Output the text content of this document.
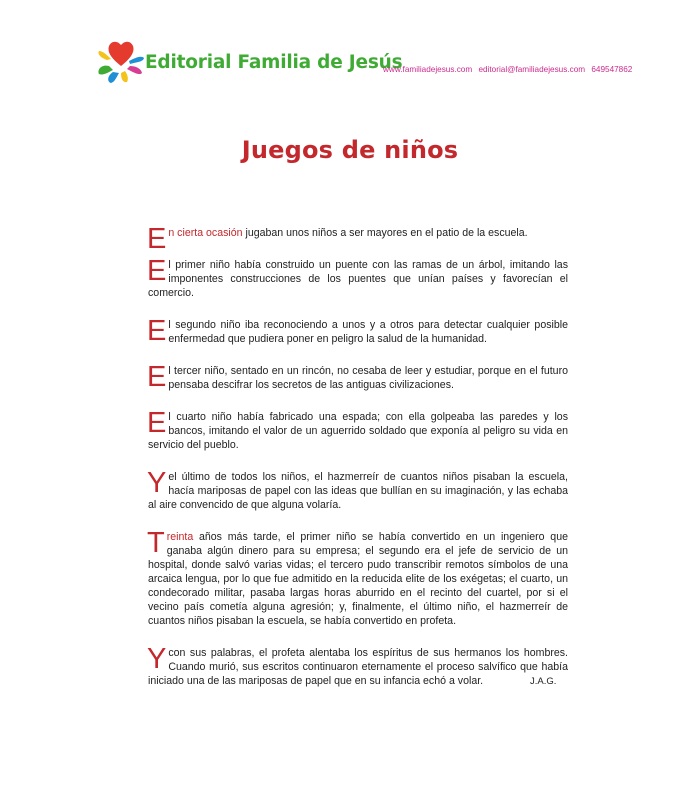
Editorial Familia de Jesús
www.familiadejesus.com editorial@familiadejesus.com 649547862
Juegos de niños

En cierta ocasión jugaban unos niños a ser mayores en el patio de la escuela.

El primer niño había construido un puente con las ramas de un árbol, imitando las imponentes construcciones de los puentes que unían países y favorecían el comercio.

El segundo niño iba reconociendo a unos y a otros para detectar cualquier posible enfermedad que pudiera poner en peligro la salud de la humanidad.

El tercer niño, sentado en un rincón, no cesaba de leer y estudiar, porque en el futuro pensaba descifrar los secretos de las antiguas civilizaciones.

El cuarto niño había fabricado una espada; con ella golpeaba las paredes y los bancos, imitando el valor de un aguerrido soldado que exponía al peligro su vida en servicio del pueblo.

Y el último de todos los niños, el hazmerreír de cuantos niños pisaban la escuela, hacía mariposas de papel con las ideas que bullían en su imaginación, y las echaba al aire convencido de que alguna volaría.

Treinta años más tarde, el primer niño se había convertido en un ingeniero que ganaba algún dinero para su empresa; el segundo era el jefe de servicio de un hospital, donde salvó varias vidas; el tercero pudo transcribir remotos símbolos de una arcaica lengua, por lo que fue admitido en la reducida elite de los exégetas; el cuarto, un condecorado militar, pasaba largas horas aburrido en el recinto del cuartel, por si el vecino país cometía alguna agresión; y, finalmente, el último niño, el hazmerreír de cuantos niños pisaban la escuela, se había convertido en profeta.

Y con sus palabras, el profeta alentaba los espíritus de sus hermanos los hombres. Cuando murió, sus escritos continuaron eternamente el proceso salvífico que había iniciado una de las mariposas de papel que en su infancia echó a volar.	J.A.G.
